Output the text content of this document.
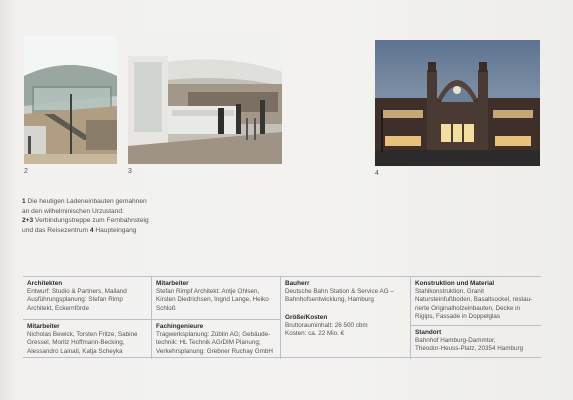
2	3	4
1 Die heutigen Ladeneinbauten gemahnen
an den wilhelminischen Urzustand.
2+3 Verbindungstreppe zum Fernbahnsteig
und das Reisezentrum 4 Haupteingang
Architekten
Entwurf: Studio & Partners, Mailand
Ausführungsplanung: Stefan Rimp
Architekt, Eckernförde
Mitarbeiter
Nicholas Bewick, Torsten Fritze, Sabine
Gressel, Moritz Hoffmann-Becking,
Alessandro Lainati, Katja Scheyka
Mitarbeiter
Stefan Rimpf Architekt: Antje Ohlsen,
Kirsten Diedrichsen, Ingrid Lange, Heiko
Schloß
Fachingenieure
Tragwerksplanung: Züblin AG; Gebäude-
technik: HL Technik AG/DIM Planung;
Verkehrsplanung: Grebner Ruchay GmbH
Bauherr
Deutsche Bahn Station & Service AG –
Bahnhofsentwicklung, Hamburg
Größe/Kosten
Bruttorauminhalt: 26 500 cbm
Kosten: ca. 22 Mio. €
Konstruktion und Material
Stahlkonstruktion, Granit
Natursteinfußboden, Basaltsockel, restau-
rierte Originalholzeinbauten, Decke in
Rigips, Fassade in Doppelglas
Standort
Bahnhof Hamburg-Dammtor,
Theodor-Heuss-Platz, 20354 Hamburg
